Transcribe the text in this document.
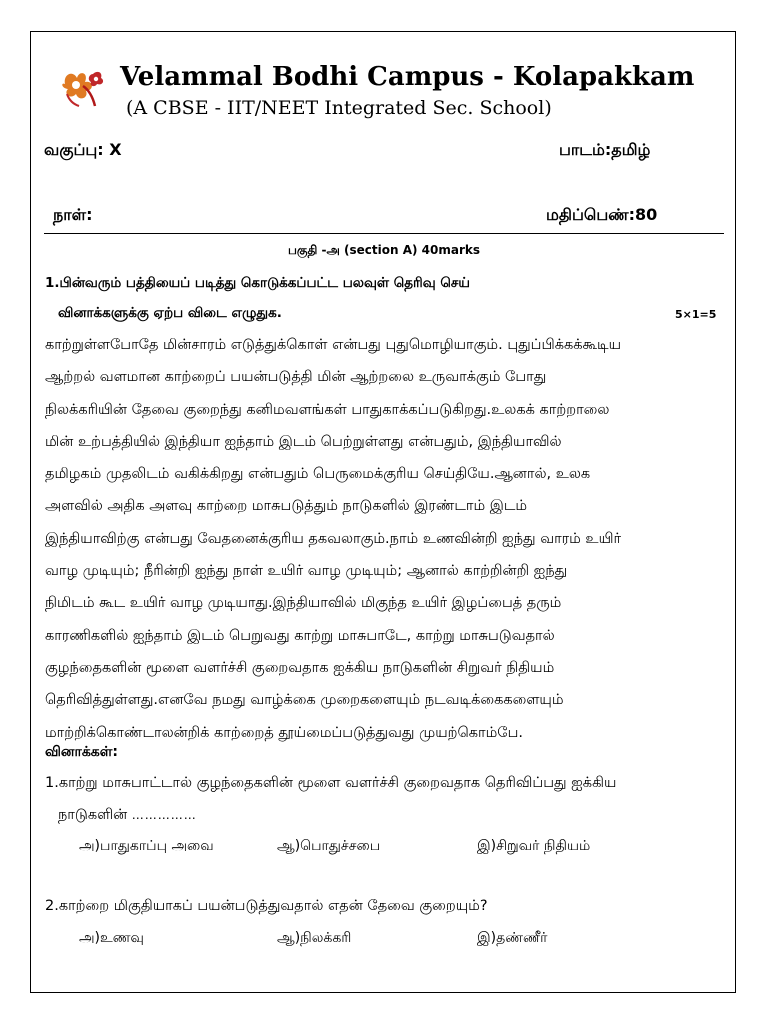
Velammal Bodhi Campus - Kolapakkam
(A CBSE - IIT/NEET Integrated Sec. School)
வகுப்பு: X	பாடம்:தமிழ்
நாள்:	மதிப்பெண்:80
பகுதி -அ (section A) 40marks
1.பின்வரும் பத்தியைப் படித்து கொடுக்கப்பட்ட பலவுள் தெரிவு செய்
வினாக்களுக்கு ஏற்ப விடை எழுதுக.	5×1=5

காற்றுள்ளபோதே மின்சாரம் எடுத்துக்கொள் என்பது புதுமொழியாகும். புதுப்பிக்கக்கூடிய

ஆற்றல் வளமான காற்றைப் பயன்படுத்தி மின் ஆற்றலை உருவாக்கும் போது

நிலக்கரியின் தேவை குறைந்து கனிமவளங்கள் பாதுகாக்கப்படுகிறது.உலகக் காற்றாலை

மின் உற்பத்தியில் இந்தியா ஐந்தாம் இடம் பெற்றுள்ளது என்பதும், இந்தியாவில்

தமிழகம் முதலிடம் வகிக்கிறது என்பதும் பெருமைக்குரிய செய்தியே.ஆனால், உலக

அளவில் அதிக அளவு காற்றை மாசுபடுத்தும் நாடுகளில் இரண்டாம் இடம்

இந்தியாவிற்கு என்பது வேதனைக்குரிய தகவலாகும்.நாம் உணவின்றி ஐந்து வாரம் உயிர்

வாழ முடியும்; நீரின்றி ஐந்து நாள் உயிர் வாழ முடியும்; ஆனால் காற்றின்றி ஐந்து

நிமிடம் கூட உயிர் வாழ முடியாது.இந்தியாவில் மிகுந்த உயிர் இழப்பைத் தரும்

காரணிகளில் ஐந்தாம் இடம் பெறுவது காற்று மாசுபாடே, காற்று மாசுபடுவதால்

குழந்தைகளின் மூளை வளர்ச்சி குறைவதாக ஐக்கிய நாடுகளின் சிறுவர் நிதியம்

தெரிவித்துள்ளது.எனவே நமது வாழ்க்கை முறைகளையும் நடவடிக்கைகளையும்

மாற்றிக்கொண்டாலன்றிக் காற்றைத் தூய்மைப்படுத்துவது முயற்கொம்பே.

வினாக்கள்:
1.காற்று மாசுபாட்டால் குழந்தைகளின் மூளை வளர்ச்சி குறைவதாக தெரிவிப்பது ஐக்கிய
நாடுகளின் ……………
அ)பாதுகாப்பு அவை	ஆ)பொதுச்சபை	இ)சிறுவர் நிதியம்
2.காற்றை மிகுதியாகப் பயன்படுத்துவதால் எதன் தேவை குறையும்?
அ)உணவு	ஆ)நிலக்கரி	இ)தண்ணீர்
